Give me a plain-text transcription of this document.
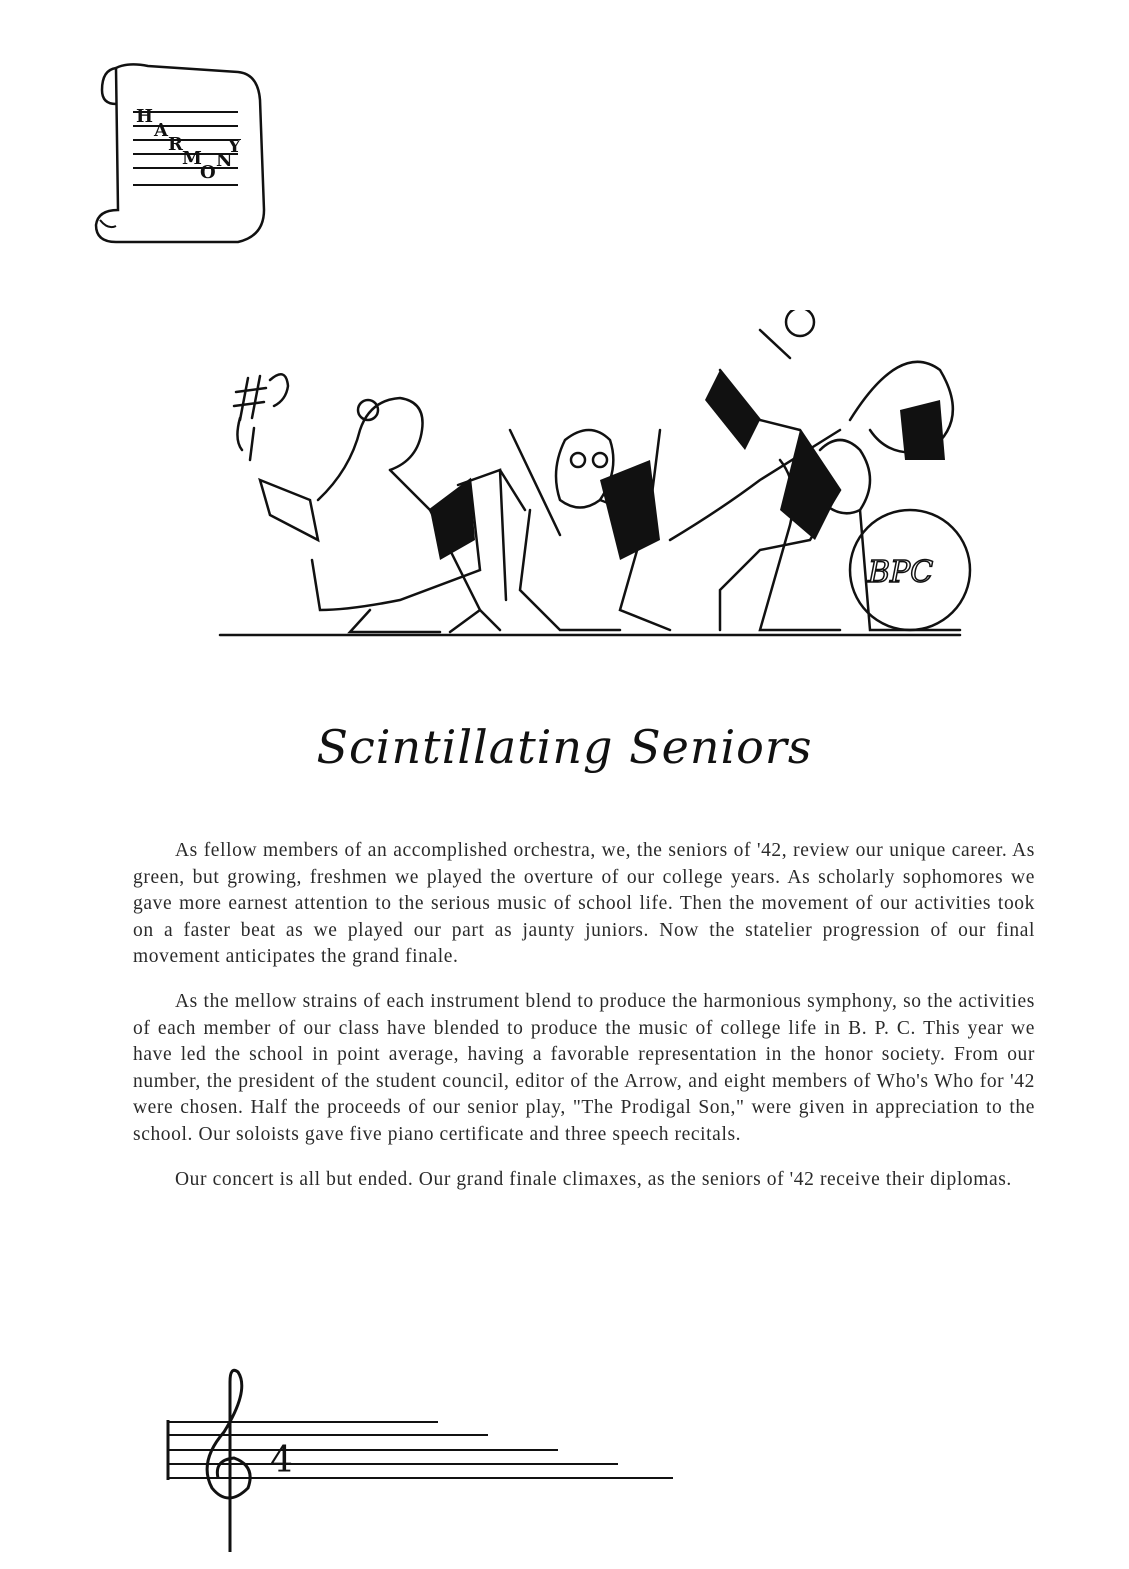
H
A
R
M
O
N
Y
BPC
Scintillating Seniors

As fellow members of an accomplished orchestra, we, the seniors of '42, review our unique career. As green, but growing, freshmen we played the overture of our college years. As scholarly sophomores we gave more earnest attention to the serious music of school life. Then the movement of our activities took on a faster beat as we played our part as jaunty juniors. Now the statelier progression of our final movement anticipates the grand finale.

As the mellow strains of each instrument blend to produce the harmonious symphony, so the activities of each member of our class have blended to produce the music of college life in B. P. C. This year we have led the school in point average, having a favorable representation in the honor society. From our number, the president of the student council, editor of the Arrow, and eight members of Who's Who for '42 were chosen. Half the proceeds of our senior play, "The Prodigal Son," were given in appreciation to the school. Our soloists gave five piano certificate and three speech recitals.

Our concert is all but ended. Our grand finale climaxes, as the seniors of '42 receive their diplomas.

4
